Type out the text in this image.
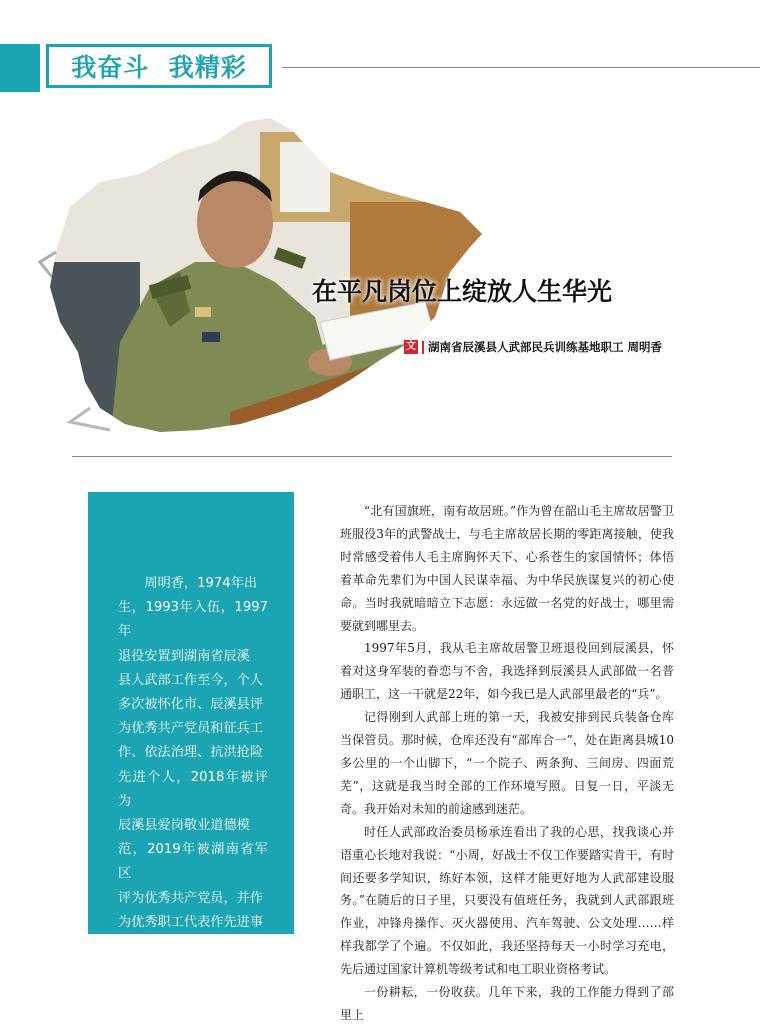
我奋斗  我精彩
在平凡岗位上绽放人生华光
文 湖南省辰溪县人武部民兵训练基地职工 周明香
周明香，1974年出
生，1993年入伍，1997年
退役安置到湖南省辰溪
县人武部工作至今，个人
多次被怀化市、辰溪县评
为优秀共产党员和征兵工
作、依法治理、抗洪抢险
先进个人，2018年被评为
辰溪县爱岗敬业道德模
范，2019年被湖南省军区
评为优秀共产党员，并作
为优秀职工代表作先进事
迹报告。

“北有国旗班，南有故居班。”作为曾在韶山毛主席故居警卫班服役3年的武警战士，与毛主席故居长期的零距离接触，使我时常感受着伟人毛主席胸怀天下、心系苍生的家国情怀；体悟着革命先辈们为中国人民谋幸福、为中华民族谋复兴的初心使命。当时我就暗暗立下志愿：永远做一名党的好战士，哪里需要就到哪里去。

1997年5月，我从毛主席故居警卫班退役回到辰溪县，怀着对这身军装的眷恋与不舍，我选择到辰溪县人武部做一名普通职工，这一干就是22年，如今我已是人武部里最老的“兵”。

记得刚到人武部上班的第一天，我被安排到民兵装备仓库当保管员。那时候，仓库还没有“部库合一”，处在距离县城10多公里的一个山脚下，“一个院子、两条狗、三间房、四面荒芜”，这就是我当时全部的工作环境写照。日复一日，平淡无奇。我开始对未知的前途感到迷茫。

时任人武部政治委员杨承连看出了我的心思，找我谈心并语重心长地对我说：“小周，好战士不仅工作要踏实肯干，有时间还要多学知识，练好本领，这样才能更好地为人武部建设服务。”在随后的日子里，只要没有值班任务，我就到人武部跟班作业，冲锋舟操作、灭火器使用、汽车驾驶、公文处理……样样我都学了个遍。不仅如此，我还坚持每天一小时学习充电，先后通过国家计算机等级考试和电工职业资格考试。

一份耕耘，一份收获。几年下来，我的工作能力得到了部里上
